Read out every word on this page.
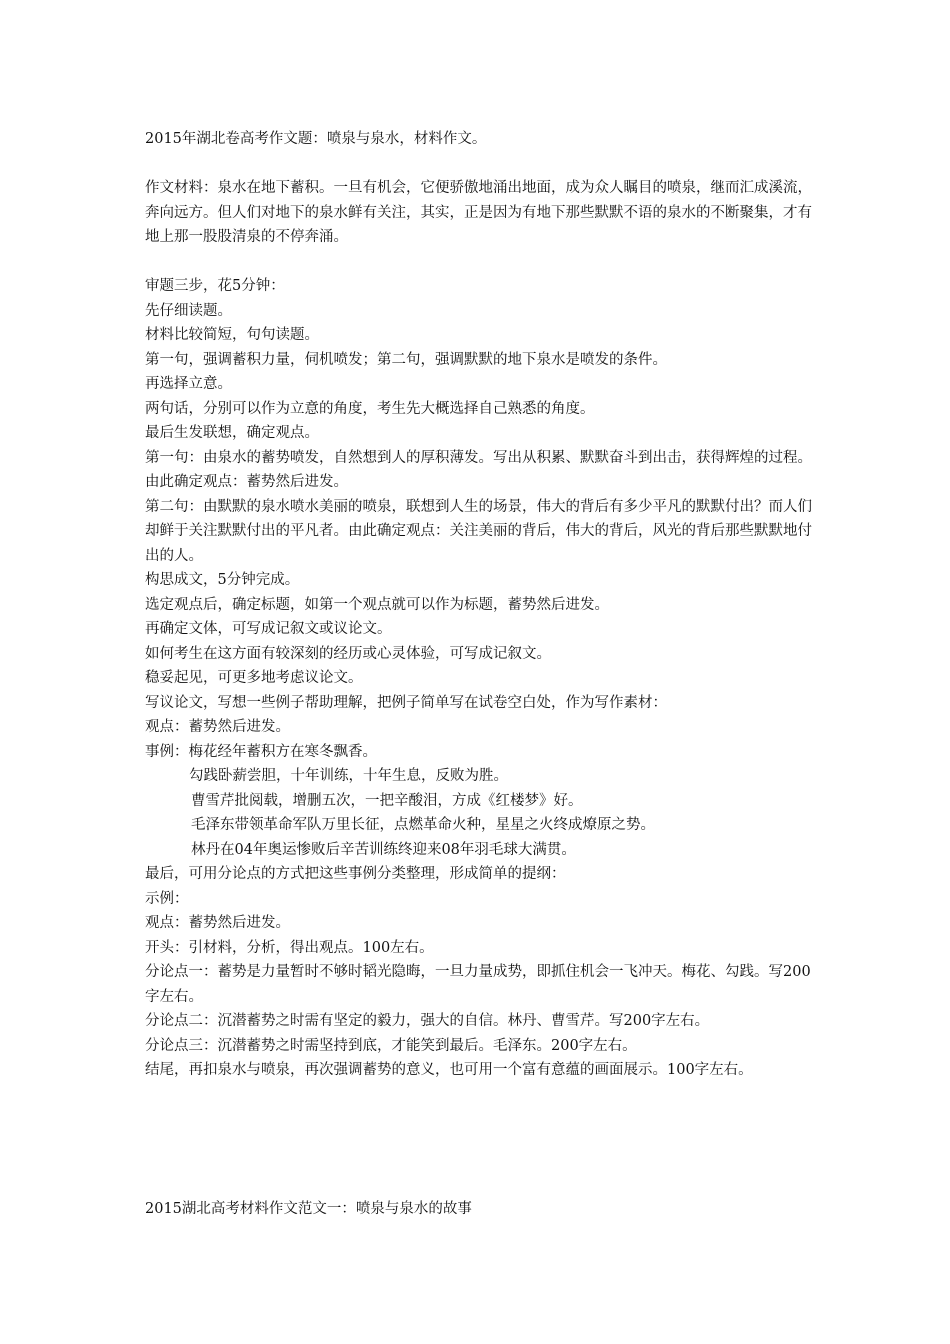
2015年湖北卷高考作文题：喷泉与泉水，材料作文。

作文材料：泉水在地下蓄积。一旦有机会，它便骄傲地涌出地面，成为众人瞩目的喷泉，继而汇成溪流，奔向远方。但人们对地下的泉水鲜有关注，其实，正是因为有地下那些默默不语的泉水的不断聚集，才有地上那一股股清泉的不停奔涌。

审题三步，花5分钟：

先仔细读题。

材料比较简短，句句读题。

第一句，强调蓄积力量，伺机喷发；第二句，强调默默的地下泉水是喷发的条件。

再选择立意。

两句话，分别可以作为立意的角度，考生先大概选择自己熟悉的角度。

最后生发联想，确定观点。

第一句：由泉水的蓄势喷发，自然想到人的厚积薄发。写出从积累、默默奋斗到出击，获得辉煌的过程。由此确定观点：蓄势然后进发。

第二句：由默默的泉水喷水美丽的喷泉，联想到人生的场景，伟大的背后有多少平凡的默默付出？而人们却鲜于关注默默付出的平凡者。由此确定观点：关注美丽的背后，伟大的背后，风光的背后那些默默地付出的人。

构思成文，5分钟完成。

选定观点后，确定标题，如第一个观点就可以作为标题，蓄势然后进发。

再确定文体，可写成记叙文或议论文。

如何考生在这方面有较深刻的经历或心灵体验，可写成记叙文。

稳妥起见，可更多地考虑议论文。

写议论文，写想一些例子帮助理解，把例子简单写在试卷空白处，作为写作素材：

观点：蓄势然后进发。

事例：梅花经年蓄积方在寒冬飘香。

勾践卧薪尝胆，十年训练，十年生息，反败为胜。

曹雪芹批阅载，增删五次，一把辛酸泪，方成《红楼梦》好。

毛泽东带领革命军队万里长征，点燃革命火种，星星之火终成燎原之势。

林丹在04年奥运惨败后辛苦训练终迎来08年羽毛球大满贯。

最后，可用分论点的方式把这些事例分类整理，形成简单的提纲：

示例：

观点：蓄势然后进发。

开头：引材料，分析，得出观点。100左右。

分论点一：蓄势是力量暂时不够时韬光隐晦，一旦力量成势，即抓住机会一飞冲天。梅花、勾践。写200字左右。

分论点二：沉潜蓄势之时需有坚定的毅力，强大的自信。林丹、曹雪芹。写200字左右。

分论点三：沉潜蓄势之时需坚持到底，才能笑到最后。毛泽东。200字左右。

结尾，再扣泉水与喷泉，再次强调蓄势的意义，也可用一个富有意蕴的画面展示。100字左右。

2015湖北高考材料作文范文一：喷泉与泉水的故事
